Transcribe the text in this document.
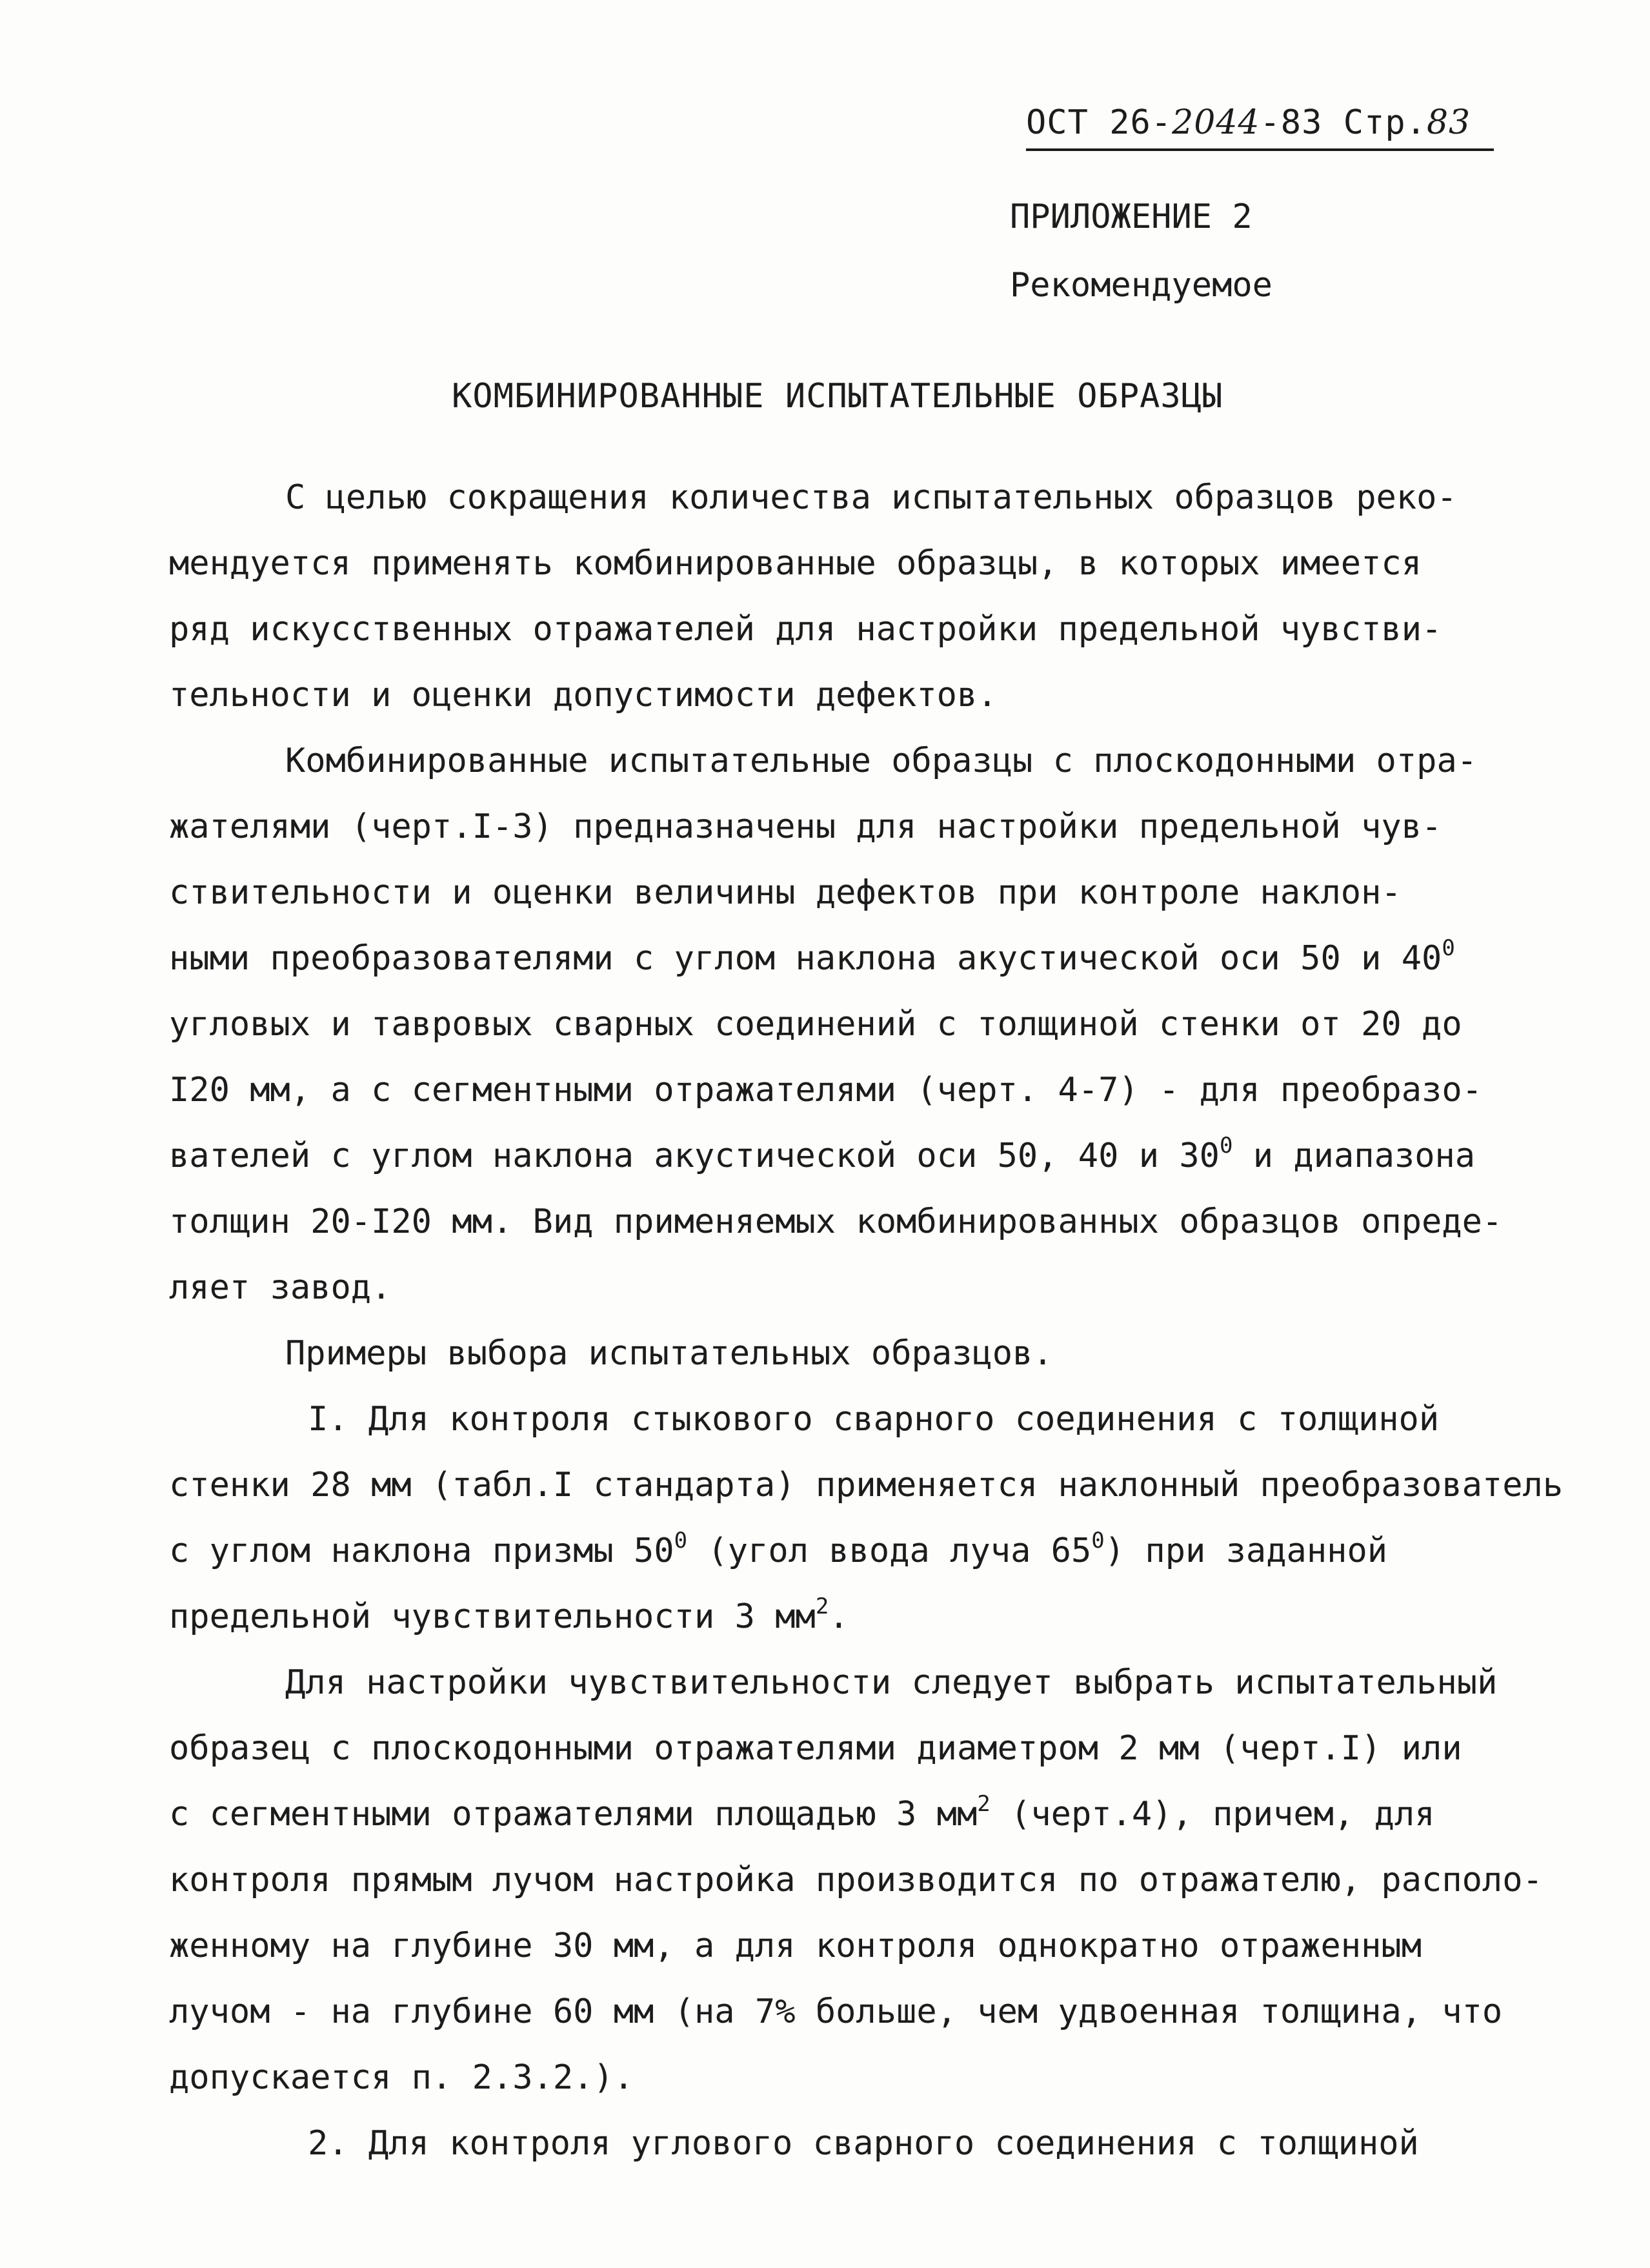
ОСТ 26-2044-83 Стр.83
ПРИЛОЖЕНИЕ 2
Рекомендуемое
КОМБИНИРОВАННЫЕ ИСПЫТАТЕЛЬНЫЕ ОБРАЗЦЫ
С целью сокращения количества испытательных образцов реко-
мендуется применять комбинированные образцы, в которых имеется
ряд искусственных отражателей для настройки предельной чувстви-
тельности и оценки допустимости дефектов.
Комбинированные испытательные образцы с плоскодонными отра-
жателями (черт.I-3) предназначены для настройки предельной чув-
ствительности и оценки величины дефектов при контроле наклон-
ными преобразователями с углом наклона акустической оси 50 и $40^0$
угловых и тавровых сварных соединений с толщиной стенки от 20 до
I20 мм, а с сегментными отражателями (черт. 4-7) - для преобразо-
вателей с углом наклона акустической оси 50, 40 и $30^0$ и диапазона
толщин 20-I20 мм. Вид применяемых комбинированных образцов опреде-
ляет завод.
Примеры выбора испытательных образцов.
I. Для контроля стыкового сварного соединения с толщиной
стенки 28 мм (табл.I стандарта) применяется наклонный преобразователь
с углом наклона призмы $50^0$ (угол ввода луча $65^0$) при заданной
предельной чувствительности 3 $мм^2$.
Для настройки чувствительности следует выбрать испытательный
образец с плоскодонными отражателями диаметром 2 мм (черт.I) или
с сегментными отражателями площадью 3 $мм^2$ (черт.4), причем, для
контроля прямым лучом настройка производится по отражателю, располо-
женному на глубине 30 мм, а для контроля однократно отраженным
лучом - на глубине 60 мм (на 7% больше, чем удвоенная толщина, что
допускается п. 2.3.2.).
2. Для контроля углового сварного соединения с толщиной
